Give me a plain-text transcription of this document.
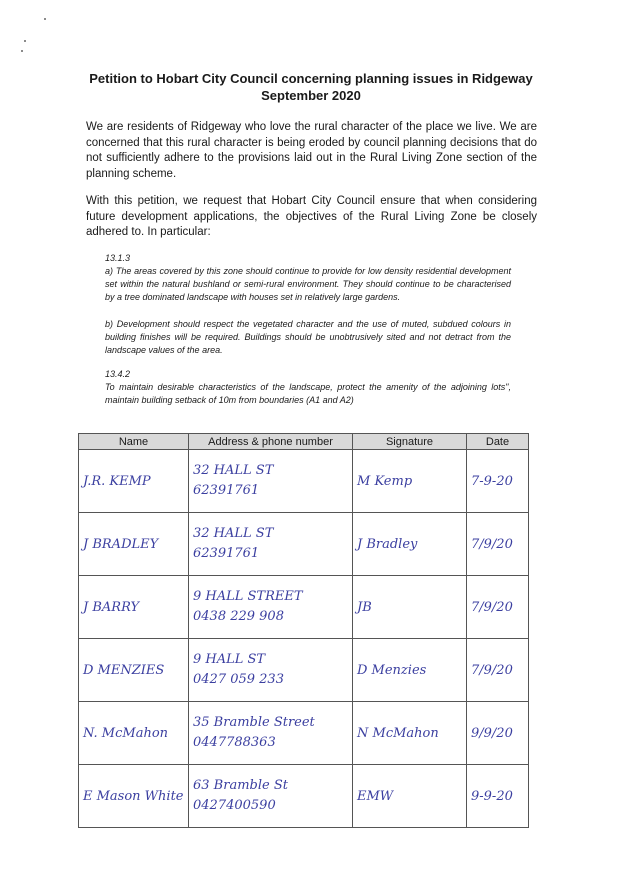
Petition to Hobart City Council concerning planning issues in Ridgeway
September 2020

We are residents of Ridgeway who love the rural character of the place we live. We are concerned that this rural character is being eroded by council planning decisions that do not sufficiently adhere to the provisions laid out in the Rural Living Zone section of the planning scheme.

With this petition, we request that Hobart City Council ensure that when considering future development applications, the objectives of the Rural Living Zone be closely adhered to. In particular:

13.1.3

a) The areas covered by this zone should continue to provide for low density residential development set within the natural bushland or semi-rural environment. They should continue to be characterised by a tree dominated landscape with houses set in relatively large gardens.

b) Development should respect the vegetated character and the use of muted, subdued colours in building finishes will be required. Buildings should be unobtrusively sited and not detract from the landscape values of the area.

13.4.2

To maintain desirable characteristics of the landscape, protect the amenity of the adjoining lots", maintain building setback of 10m from boundaries (A1 and A2)

Name	Address & phone number	Signature	Date
J.R. KEMP	32 HALL ST
62391761	M Kemp	7-9-20
J BRADLEY	32 HALL ST
62391761	J Bradley	7/9/20
J BARRY	9 HALL STREET
0438 229 908	JB	7/9/20
D MENZIES	9 HALL ST
0427 059 233	D Menzies	7/9/20
N. McMahon	35 Bramble Street
0447788363	N McMahon	9/9/20
E Mason White	63 Bramble St
0427400590	EMW	9-9-20
